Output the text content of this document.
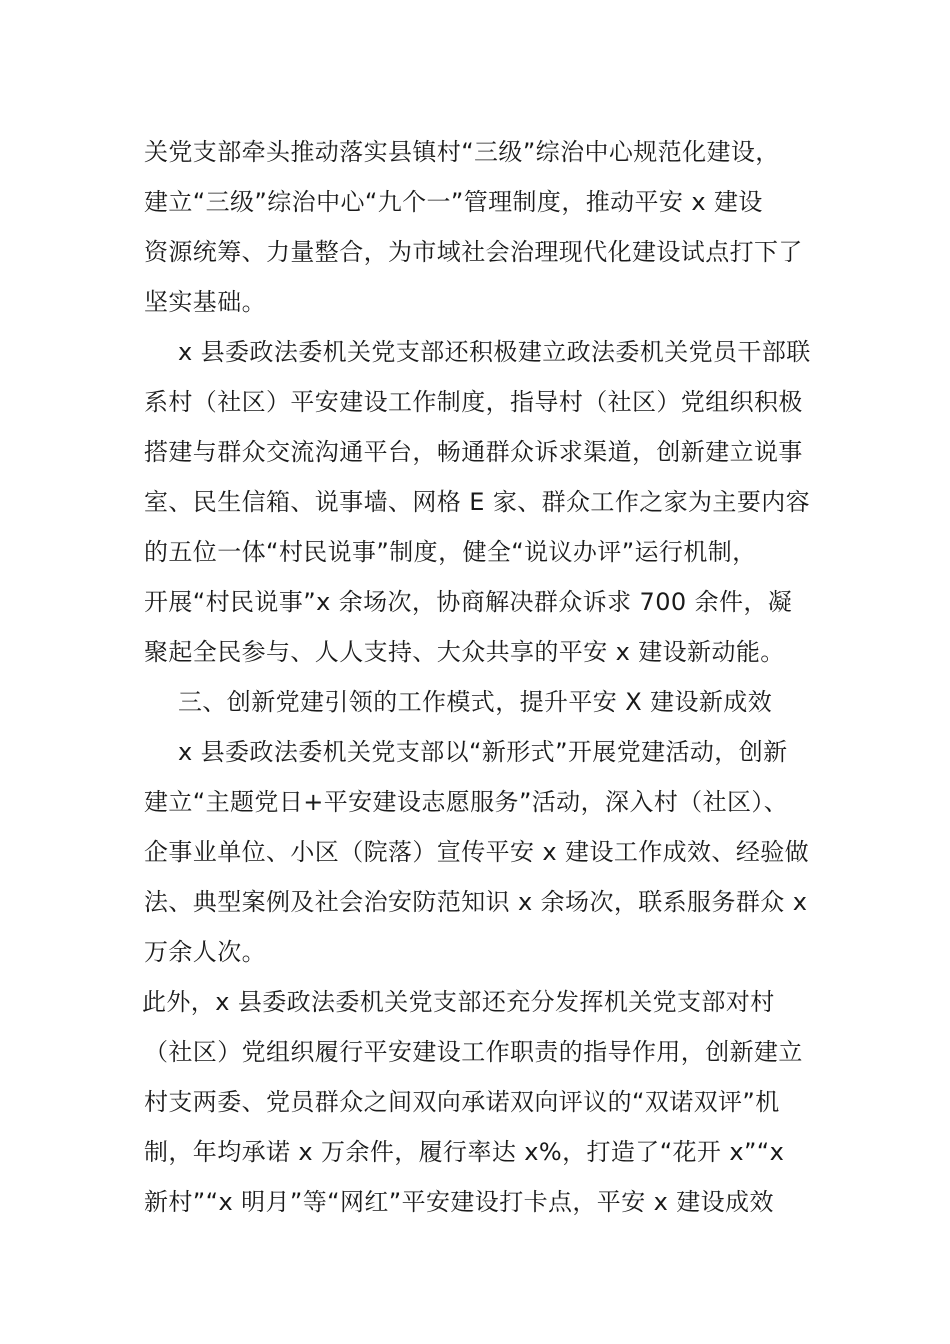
关党支部牵头推动落实县镇村“三级”综治中心规范化建设，
建立“三级”综治中心“九个一”管理制度，推动平安 x 建设
资源统筹、力量整合，为市域社会治理现代化建设试点打下了
坚实基础。
x 县委政法委机关党支部还积极建立政法委机关党员干部联
系村（社区）平安建设工作制度，指导村（社区）党组织积极
搭建与群众交流沟通平台，畅通群众诉求渠道，创新建立说事
室、民生信箱、说事墙、网格 E 家、群众工作之家为主要内容
的五位一体“村民说事”制度，健全“说议办评”运行机制，
开展“村民说事”x 余场次，协商解决群众诉求 700 余件，凝
聚起全民参与、人人支持、大众共享的平安 x 建设新动能。
三、创新党建引领的工作模式，提升平安 X 建设新成效
x 县委政法委机关党支部以“新形式”开展党建活动，创新
建立“主题党日+平安建设志愿服务”活动，深入村（社区）、
企事业单位、小区（院落）宣传平安 x 建设工作成效、经验做
法、典型案例及社会治安防范知识 x 余场次，联系服务群众 x
万余人次。
此外，x 县委政法委机关党支部还充分发挥机关党支部对村
（社区）党组织履行平安建设工作职责的指导作用，创新建立
村支两委、党员群众之间双向承诺双向评议的“双诺双评”机
制，年均承诺 x 万余件，履行率达 x%，打造了“花开 x”“x
新村”“x 明月”等“网红”平安建设打卡点，平安 x 建设成效
